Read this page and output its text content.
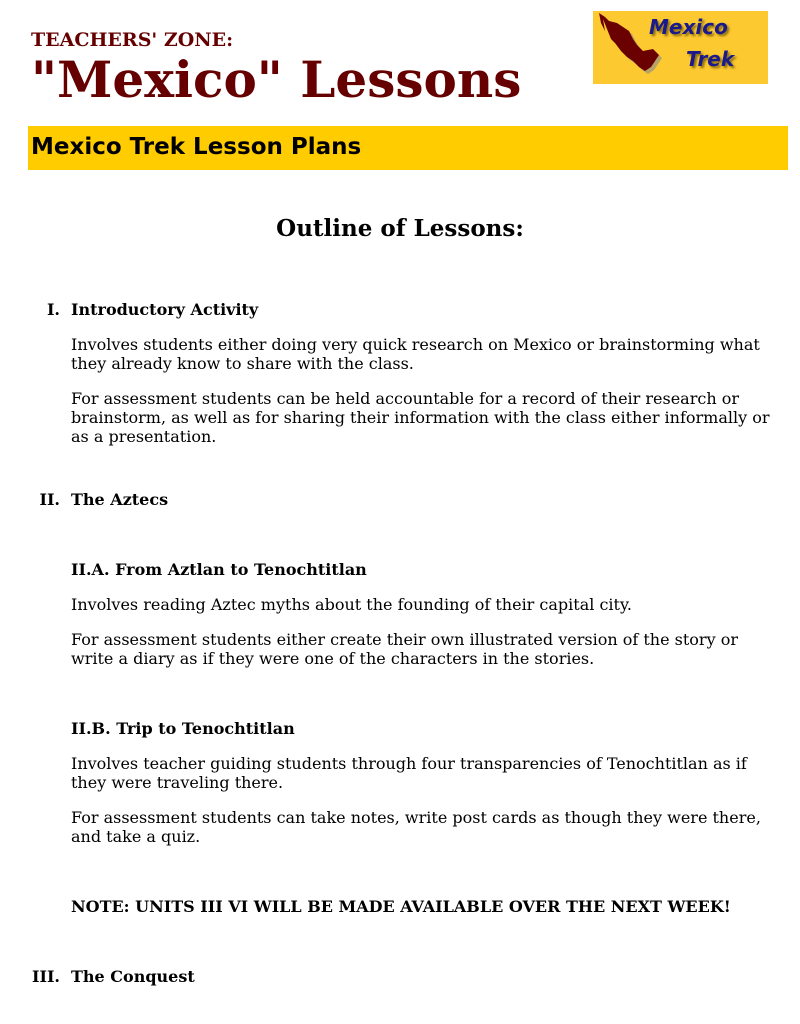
TEACHERS' ZONE:
"Mexico" Lessons
Mexico
Trek
Mexico Trek Lesson Plans
Outline of Lessons:
I. Introductory Activity
Involves students either doing very quick research on Mexico or brainstorming what they already know to share with the class.
For assessment students can be held accountable for a record of their research or brainstorm, as well as for sharing their information with the class either informally or as a presentation.
II. The Aztecs
II.A. From Aztlan to Tenochtitlan
Involves reading Aztec myths about the founding of their capital city.
For assessment students either create their own illustrated version of the story or write a diary as if they were one of the characters in the stories.
II.B. Trip to Tenochtitlan
Involves teacher guiding students through four transparencies of Tenochtitlan as if they were traveling there.
For assessment students can take notes, write post cards as though they were there, and take a quiz.
NOTE: UNITS III VI WILL BE MADE AVAILABLE OVER THE NEXT WEEK!
III. The Conquest
